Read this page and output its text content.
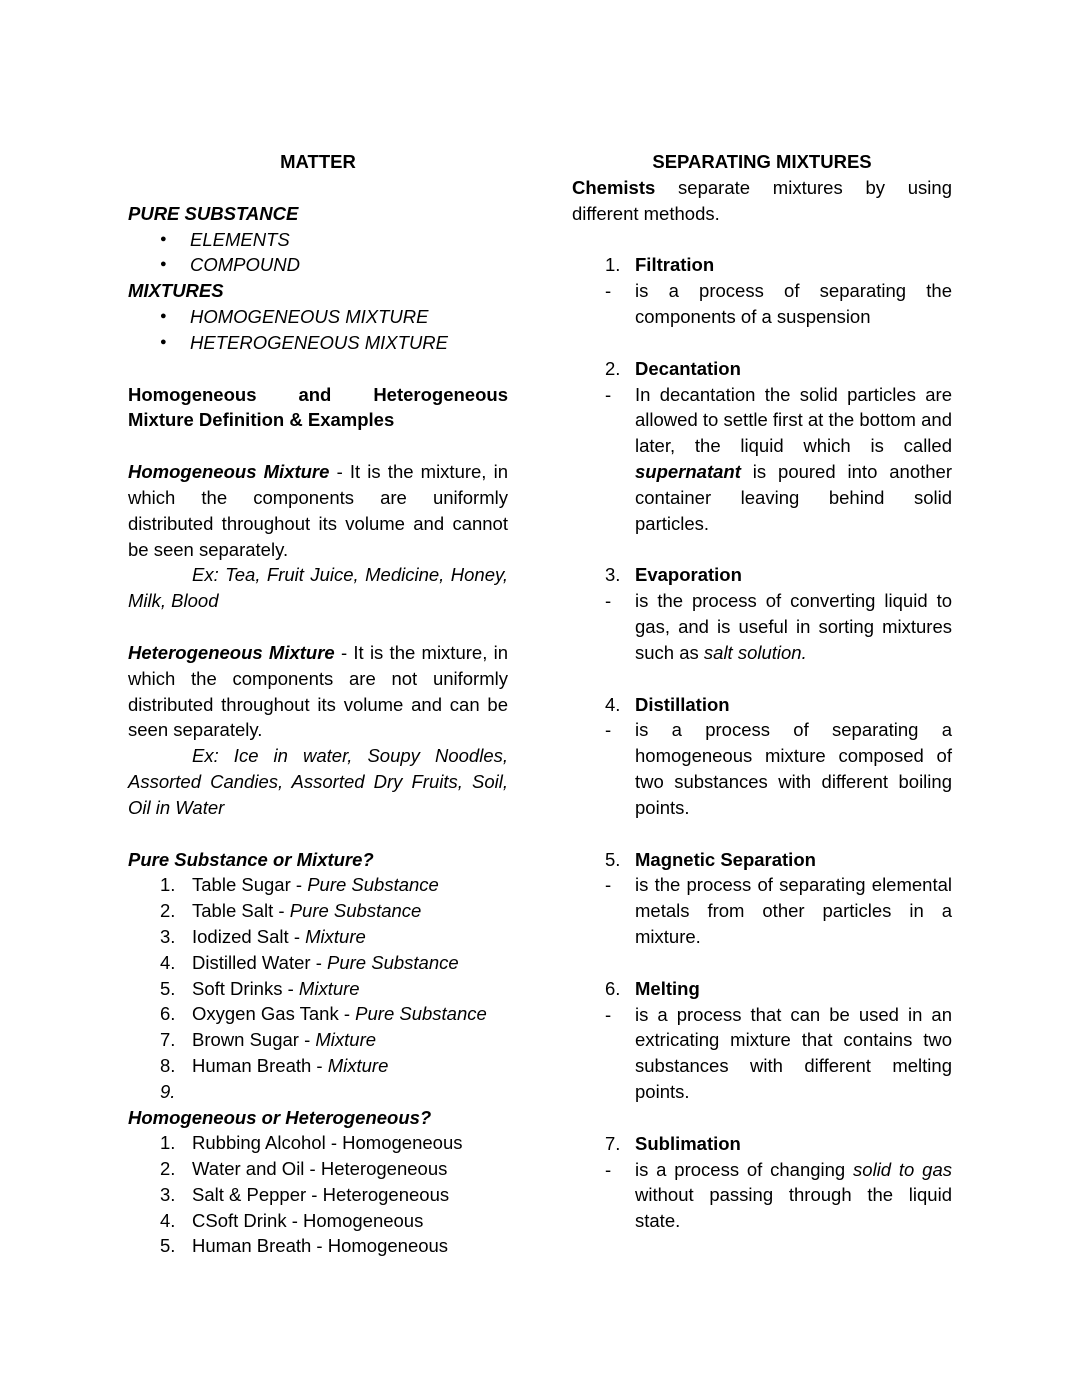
MATTER

PURE SUBSTANCE

●	ELEMENTS
●	COMPOUND

MIXTURES

●	HOMOGENEOUS MIXTURE
●	HETEROGENEOUS MIXTURE
Homogeneous and Heterogeneous
Mixture Definition & Examples

Homogeneous Mixture - It is the mixture, in which the components are uniformly distributed throughout its volume and cannot be seen separately.

Ex: Tea, Fruit Juice, Medicine, Honey, Milk, Blood

Heterogeneous Mixture - It is the mixture, in which the components are not uniformly distributed throughout its volume and can be seen separately.

Ex: Ice in water, Soupy Noodles, Assorted Candies, Assorted Dry Fruits, Soil, Oil in Water

Pure Substance or Mixture?

1. Table Sugar - Pure Substance
2. Table Salt - Pure Substance
3. Iodized Salt - Mixture
4. Distilled Water - Pure Substance
5. Soft Drinks - Mixture
6. Oxygen Gas Tank - Pure Substance
7. Brown Sugar - Mixture
8. Human Breath - Mixture
9.

Homogeneous or Heterogeneous?

1. Rubbing Alcohol - Homogeneous
2. Water and Oil - Heterogeneous
3. Salt & Pepper - Heterogeneous
4. CSoft Drink - Homogeneous
5. Human Breath - Homogeneous
SEPARATING MIXTURES

Chemists separate mixtures by using different methods.

1. Filtration
-	is a process of separating the components of a suspension

2. Decantation
-	In decantation the solid particles are allowed to settle first at the bottom and later, the liquid which is called supernatant is poured into another container leaving behind solid particles.

3. Evaporation
-	is the process of converting liquid to gas, and is useful in sorting mixtures such as salt solution.

4. Distillation
-	is a process of separating a homogeneous mixture composed of two substances with different boiling points.

5. Magnetic Separation
-	is the process of separating elemental metals from other particles in a mixture.

6. Melting
-	is a process that can be used in an extricating mixture that contains two substances with different melting points.

7. Sublimation
-	is a process of changing solid to gas without passing through the liquid state.
